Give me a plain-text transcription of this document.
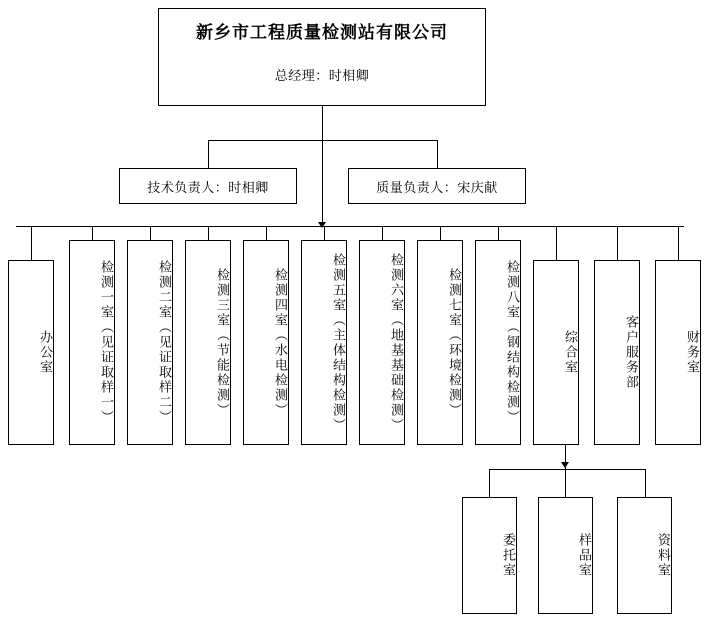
新乡市工程质量检测站有限公司
总经理：时相卿
技术负责人：时相卿	质量负责人：宋庆献
办公室	检测一室（见证取样一）	检测二室（见证取样二）	检测三室（节能检测）	检测四室（水电检测）	检测五室（主体结构检测）	检测六室（地基基础检测）	检测七室（环境检测）	检测八室（钢结构检测）	综合室	客户服务部	财务室
委托室	样品室	资料室
